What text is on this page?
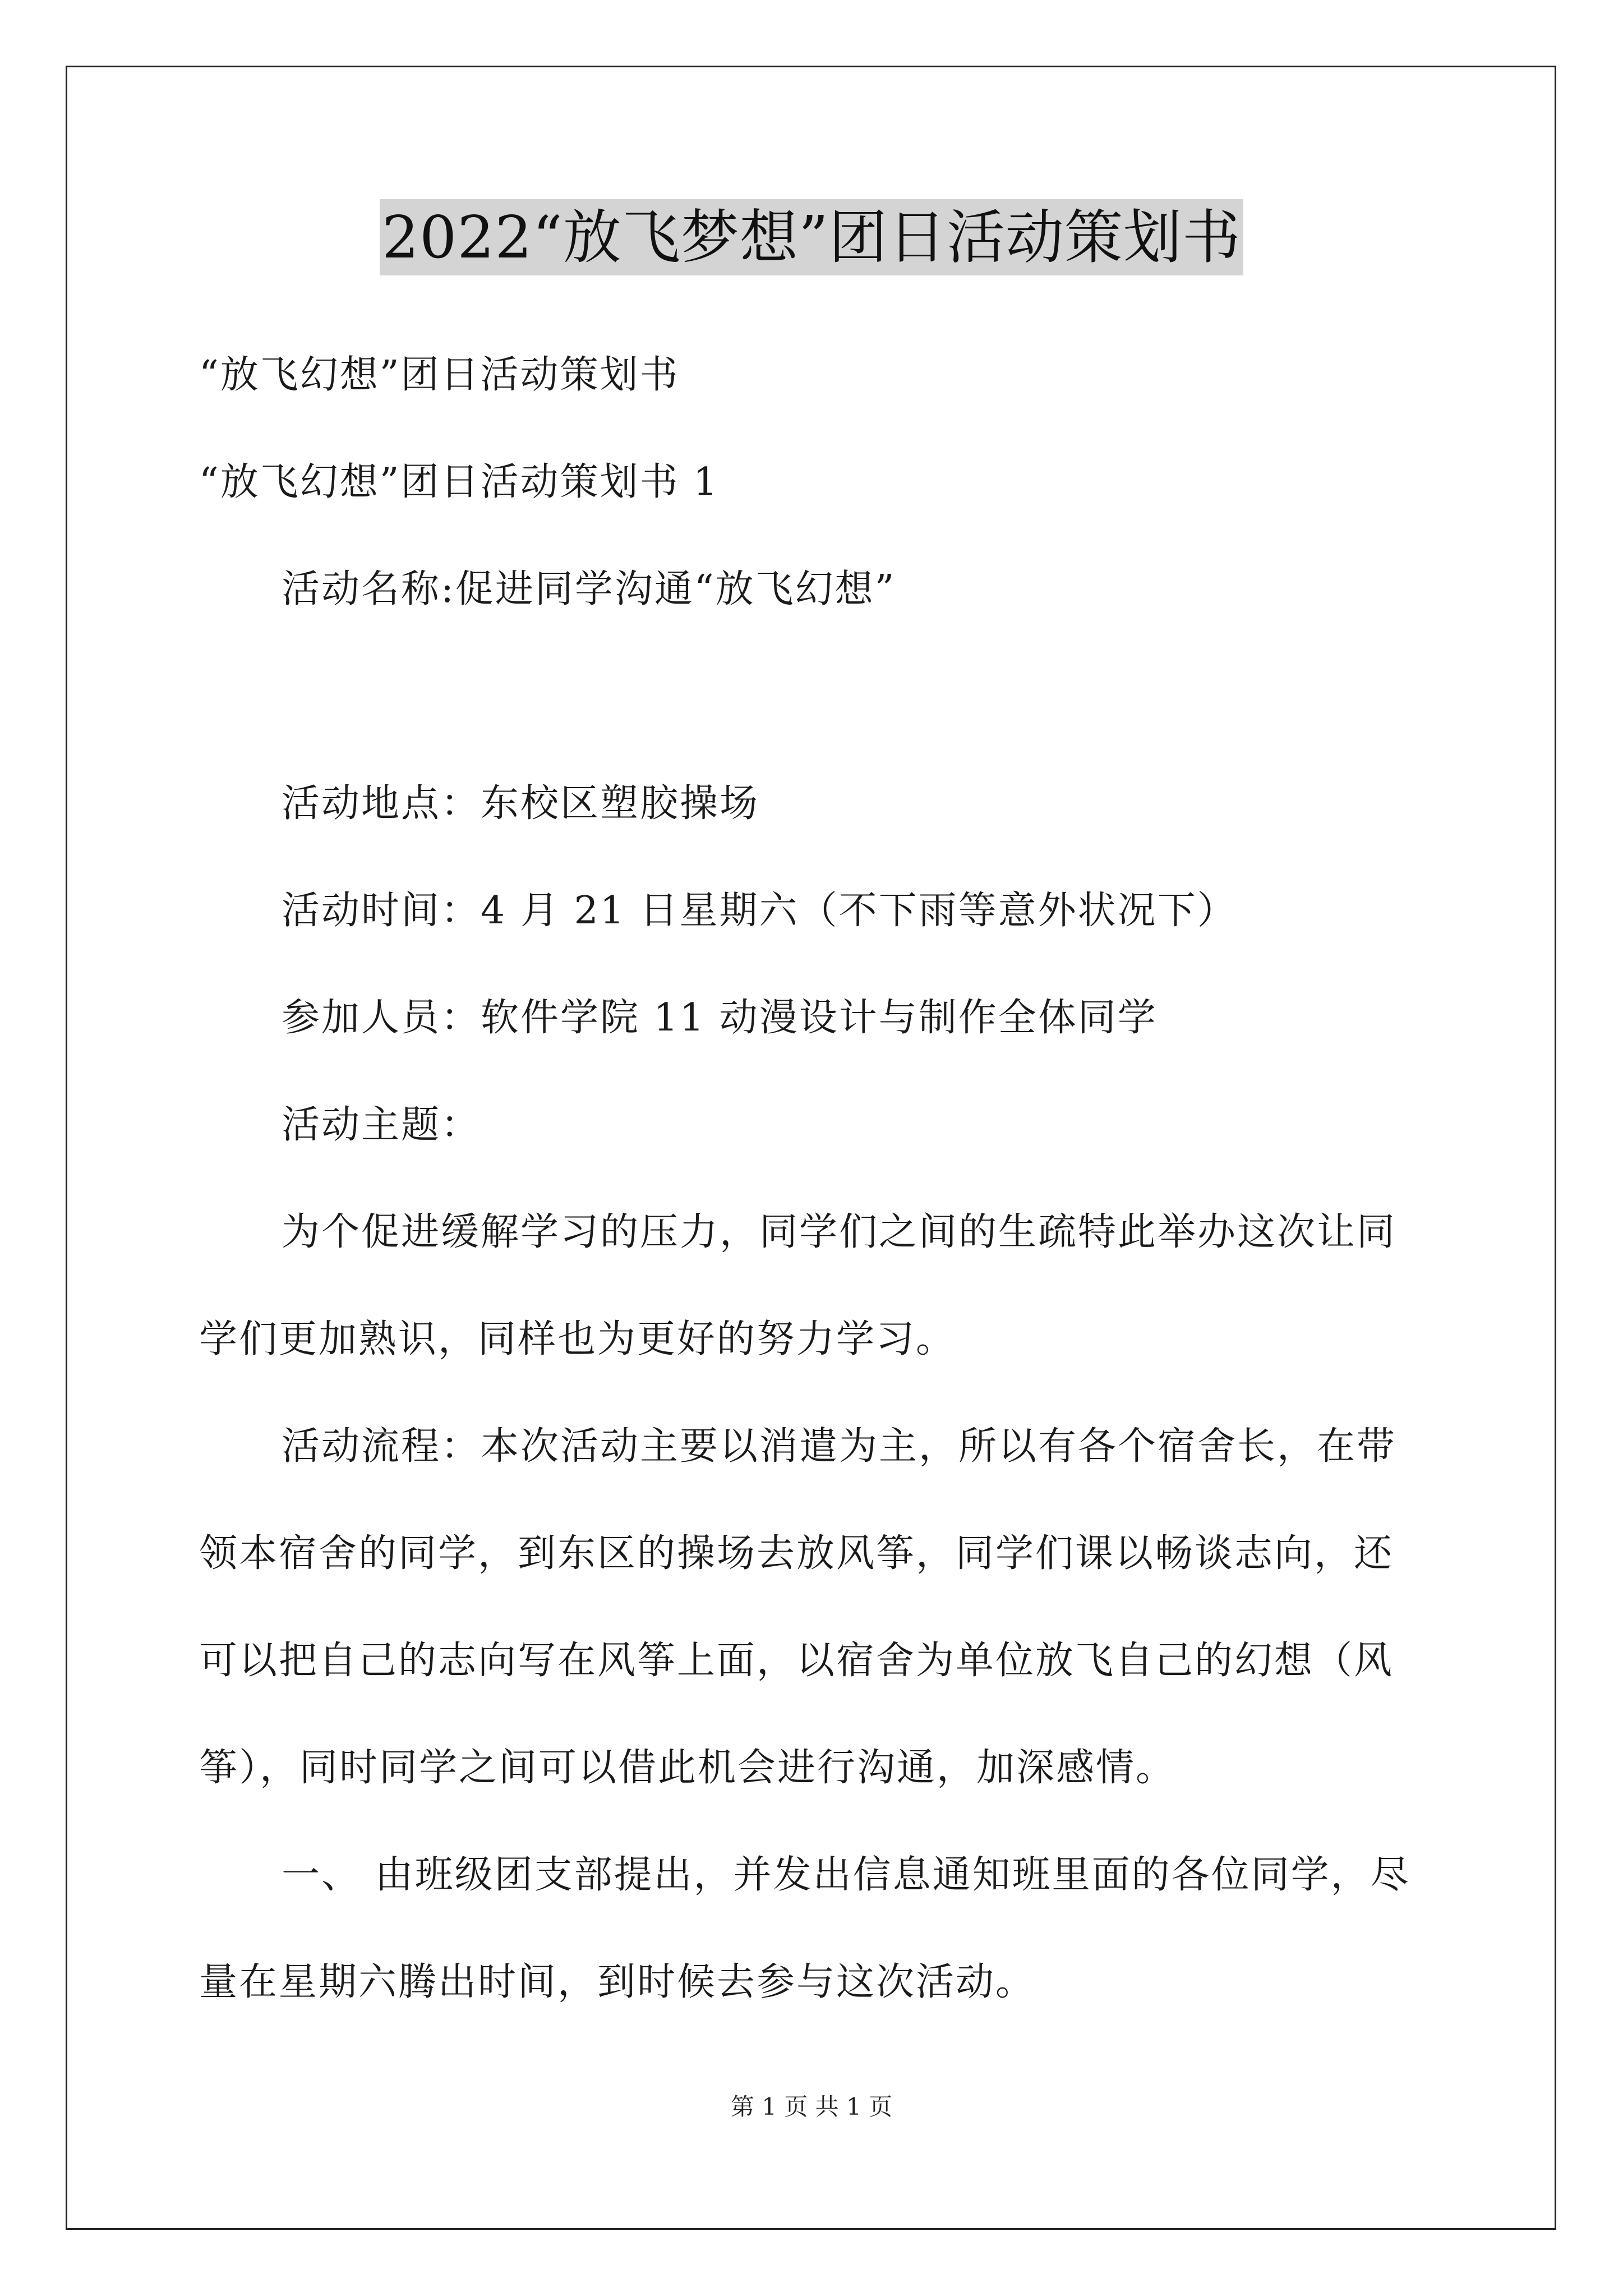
2022“放飞梦想”团日活动策划书
“放飞幻想”团日活动策划书
“放飞幻想”团日活动策划书 1
活动名称:促进同学沟通“放飞幻想”
活动地点：东校区塑胶操场
活动时间：4 月 21 日星期六（不下雨等意外状况下）
参加人员：软件学院 11 动漫设计与制作全体同学
活动主题：
为个促进缓解学习的压力，同学们之间的生疏特此举办这次让同
学们更加熟识，同样也为更好的努力学习。
活动流程：本次活动主要以消遣为主，所以有各个宿舍长，在带
领本宿舍的同学，到东区的操场去放风筝，同学们课以畅谈志向，还
可以把自己的志向写在风筝上面，以宿舍为单位放飞自己的幻想（风
筝），同时同学之间可以借此机会进行沟通，加深感情。
一、 由班级团支部提出，并发出信息通知班里面的各位同学，尽
量在星期六腾出时间，到时候去参与这次活动。
第 1 页 共 1 页
